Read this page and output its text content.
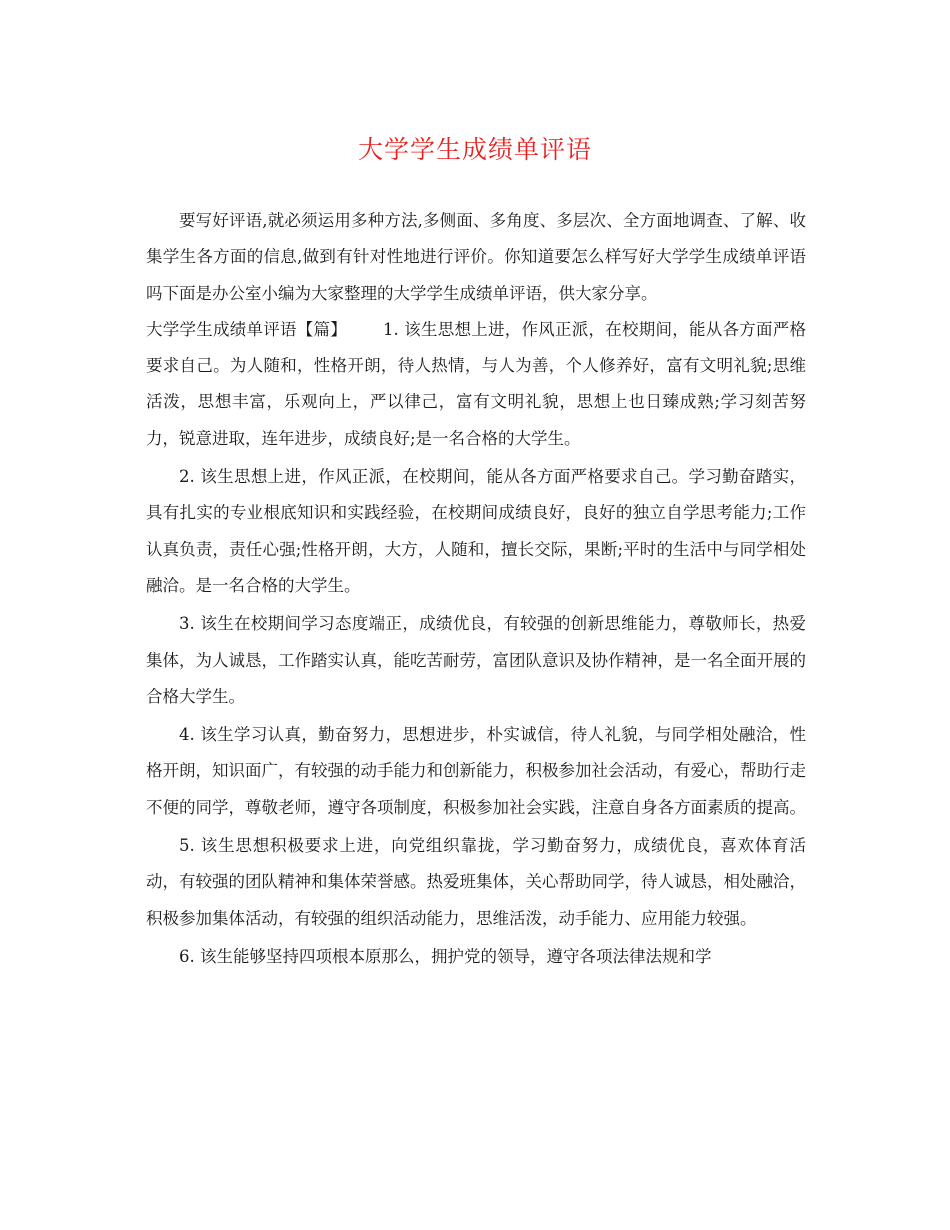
大学学生成绩单评语

要写好评语,就必须运用多种方法,多侧面、多角度、多层次、全方面地调查、了解、收集学生各方面的信息,做到有针对性地进行评价。你知道要怎么样写好大学学生成绩单评语吗下面是办公室小编为大家整理的大学学生成绩单评语，供大家分享。

大学学生成绩单评语【篇】 1. 该生思想上进，作风正派，在校期间，能从各方面严格要求自己。为人随和，性格开朗，待人热情，与人为善，个人修养好，富有文明礼貌;思维活泼，思想丰富，乐观向上，严以律己，富有文明礼貌，思想上也日臻成熟;学习刻苦努力，锐意进取，连年进步，成绩良好;是一名合格的大学生。

2. 该生思想上进，作风正派，在校期间，能从各方面严格要求自己。学习勤奋踏实，具有扎实的专业根底知识和实践经验，在校期间成绩良好，良好的独立自学思考能力;工作认真负责，责任心强;性格开朗，大方，人随和，擅长交际，果断;平时的生活中与同学相处融洽。是一名合格的大学生。

3. 该生在校期间学习态度端正，成绩优良，有较强的创新思维能力，尊敬师长，热爱集体，为人诚恳，工作踏实认真，能吃苦耐劳，富团队意识及协作精神，是一名全面开展的合格大学生。

4. 该生学习认真，勤奋努力，思想进步，朴实诚信，待人礼貌，与同学相处融洽，性格开朗，知识面广，有较强的动手能力和创新能力，积极参加社会活动，有爱心，帮助行走不便的同学，尊敬老师，遵守各项制度，积极参加社会实践，注意自身各方面素质的提高。

5. 该生思想积极要求上进，向党组织靠拢，学习勤奋努力，成绩优良，喜欢体育活动，有较强的团队精神和集体荣誉感。热爱班集体，关心帮助同学，待人诚恳，相处融洽，积极参加集体活动，有较强的组织活动能力，思维活泼，动手能力、应用能力较强。

6. 该生能够坚持四项根本原那么，拥护党的领导，遵守各项法律法规和学
